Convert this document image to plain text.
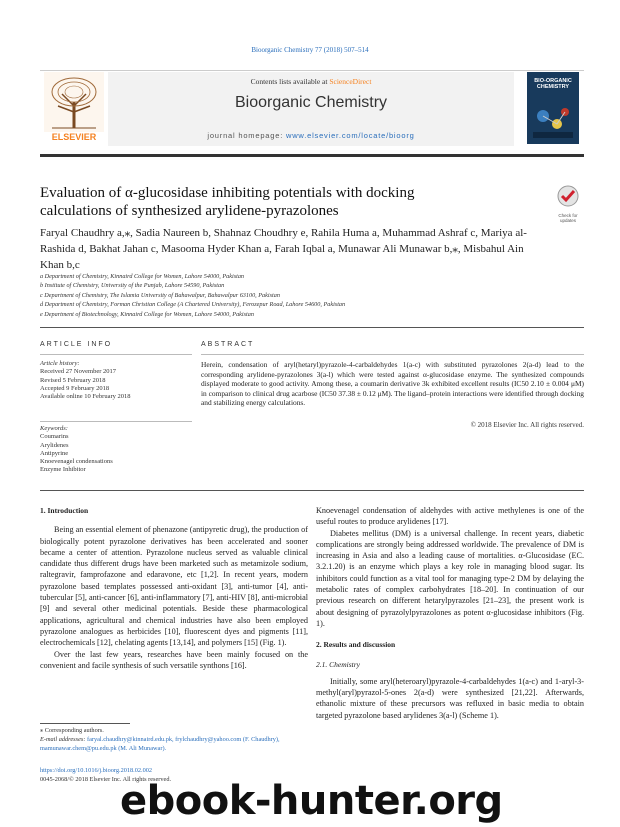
Bioorganic Chemistry 77 (2018) 507–514
ELSEVIER
Contents lists available at ScienceDirect
Bioorganic Chemistry
journal homepage: www.elsevier.com/locate/bioorg
BIO-ORGANIC CHEMISTRY
Evaluation of α-glucosidase inhibiting potentials with docking calculations of synthesized arylidene-pyrazolones	Check for updates
Faryal Chaudhry a,⁎, Sadia Naureen b, Shahnaz Choudhry e, Rahila Huma a, Muhammad Ashraf c, Mariya al-Rashida d, Bakhat Jahan c, Masooma Hyder Khan a, Farah Iqbal a, Munawar Ali Munawar b,⁎, Misbahul Ain Khan b,c
a Department of Chemistry, Kinnaird College for Women, Lahore 54000, Pakistan
b Institute of Chemistry, University of the Punjab, Lahore 54590, Pakistan
c Department of Chemistry, The Islamia University of Bahawalpur, Bahawalpur 63100, Pakistan
d Department of Chemistry, Forman Christian College (A Chartered University), Ferozepur Road, Lahore 54600, Pakistan
e Department of Biotechnology, Kinnaird College for Women, Lahore 54000, Pakistan
ARTICLE INFO	ABSTRACT
Article history:
Received 27 November 2017
Revised 5 February 2018
Accepted 9 February 2018
Available online 10 February 2018
Keywords:
Coumarins
Arylidenes
Antipyrine
Knoevenagel condensations
Enzyme Inhibitor
Herein, condensation of aryl(hetaryl)pyrazole-4-carbaldehydes 1(a-c) with substituted pyrazolones 2(a-d) lead to the corresponding arylidene-pyrazolones 3(a-l) which were tested against α-glucosidase enzyme. The synthesized compounds displayed moderate to good activity. Among these, a coumarin derivative 3k exhibited excellent results (IC50 2.10 ± 0.004 μM) in comparison to clinical drug acarbose (IC50 37.38 ± 0.12 μM). The ligand–protein interactions were identified through docking and stabilizing energy calculations.
© 2018 Elsevier Inc. All rights reserved.
1. Introduction

Being an essential element of phenazone (antipyretic drug), the production of biologically potent pyrazolone derivatives has been accelerated and sooner became a center of attention. Pyrazolone nucleus served as valuable clinical candidate thus different drugs have been marketed such as metamizole sodium, raltegravir, famprofazone and edaravone, etc [1,2]. In recent years, modern pyrazolone based templates possessed anti-oxidant [3], anti-tumor [4], anti-tubercular [5], anti-cancer [6], anti-inflammatory [7], anti-HIV [8], anti-microbial [9] and several other medicinal potentials. Beside these pharmacological applications, agricultural and chemical industries have also been employed pyrazolone analogues as herbicides [10], fluorescent dyes and pigments [11], electrochemicals [12], chelating agents [13,14], and polymers [15] (Fig. 1).

Over the last few years, researches have been mainly focused on the convenient and facile synthesis of such versatile synthons [16].

Knoevenagel condensation of aldehydes with active methylenes is one of the useful routes to produce arylidenes [17].

Diabetes mellitus (DM) is a universal challenge. In recent years, diabetic complications are strongly being addressed worldwide. The prevalence of DM is increasing in Asia and also a leading cause of mortalities. α-Glucosidase (EC. 3.2.1.20) is an enzyme which plays a key role in managing blood sugar. Its inhibitors could function as a vital tool for managing type-2 DM by delaying the metabolic rates of complex carbohydrates [18–20]. In continuation of our previous research on different hetarylpyrazoles [21–23], the present work is about designing of pyrazolylpyrazolones as potent α-glucosidase inhibitors (Fig. 1).

2. Results and discussion
2.1. Chemistry

Initially, some aryl(heteroaryl)pyrazole-4-carbaldehydes 1(a-c) and 1-aryl-3-methyl(aryl)pyrazol-5-ones 2(a-d) were synthesized [21,22]. Afterwards, ethanolic mixture of these precursors was refluxed in basic media to obtain targeted pyrazolone based arylidenes 3(a-l) (Scheme 1).

⁎ Corresponding authors.
E-mail addresses: faryal.chaudhry@kinnaird.edu.pk, frylchaudhry@yahoo.com (F. Chaudhry), mamunawar.chem@pu.edu.pk (M. Ali Munawar).
https://doi.org/10.1016/j.bioorg.2018.02.002
0045-2068/© 2018 Elsevier Inc. All rights reserved.
ebook-hunter.org
